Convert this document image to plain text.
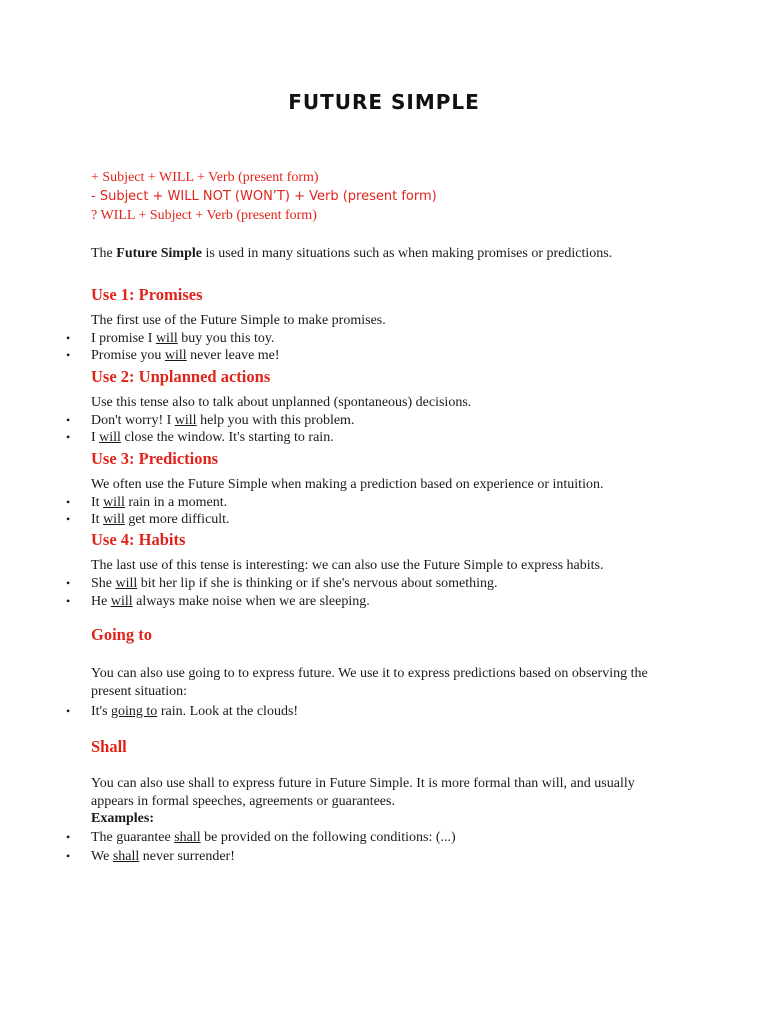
FUTURE SIMPLE
+ Subject + WILL + Verb (present form)
- Subject + WILL NOT (WON’T) + Verb (present form)
? WILL + Subject + Verb (present form)
The Future Simple is used in many situations such as when making promises or predictions.
Use 1: Promises
The first use of the Future Simple to make promises.
• I promise I will buy you this toy.
• Promise you will never leave me!
Use 2: Unplanned actions
Use this tense also to talk about unplanned (spontaneous) decisions.
• Don't worry! I will help you with this problem.
• I will close the window. It's starting to rain.
Use 3: Predictions
We often use the Future Simple when making a prediction based on experience or intuition.
• It will rain in a moment.
• It will get more difficult.
Use 4: Habits
The last use of this tense is interesting: we can also use the Future Simple to express habits.
• She will bit her lip if she is thinking or if she's nervous about something.
• He will always make noise when we are sleeping.
Going to
You can also use going to to express future. We use it to express predictions based on observing the present situation:
• It's going to rain. Look at the clouds!
Shall
You can also use shall to express future in Future Simple. It is more formal than will, and usually appears in formal speeches, agreements or guarantees.
Examples:
• The guarantee shall be provided on the following conditions: (...)
• We shall never surrender!
